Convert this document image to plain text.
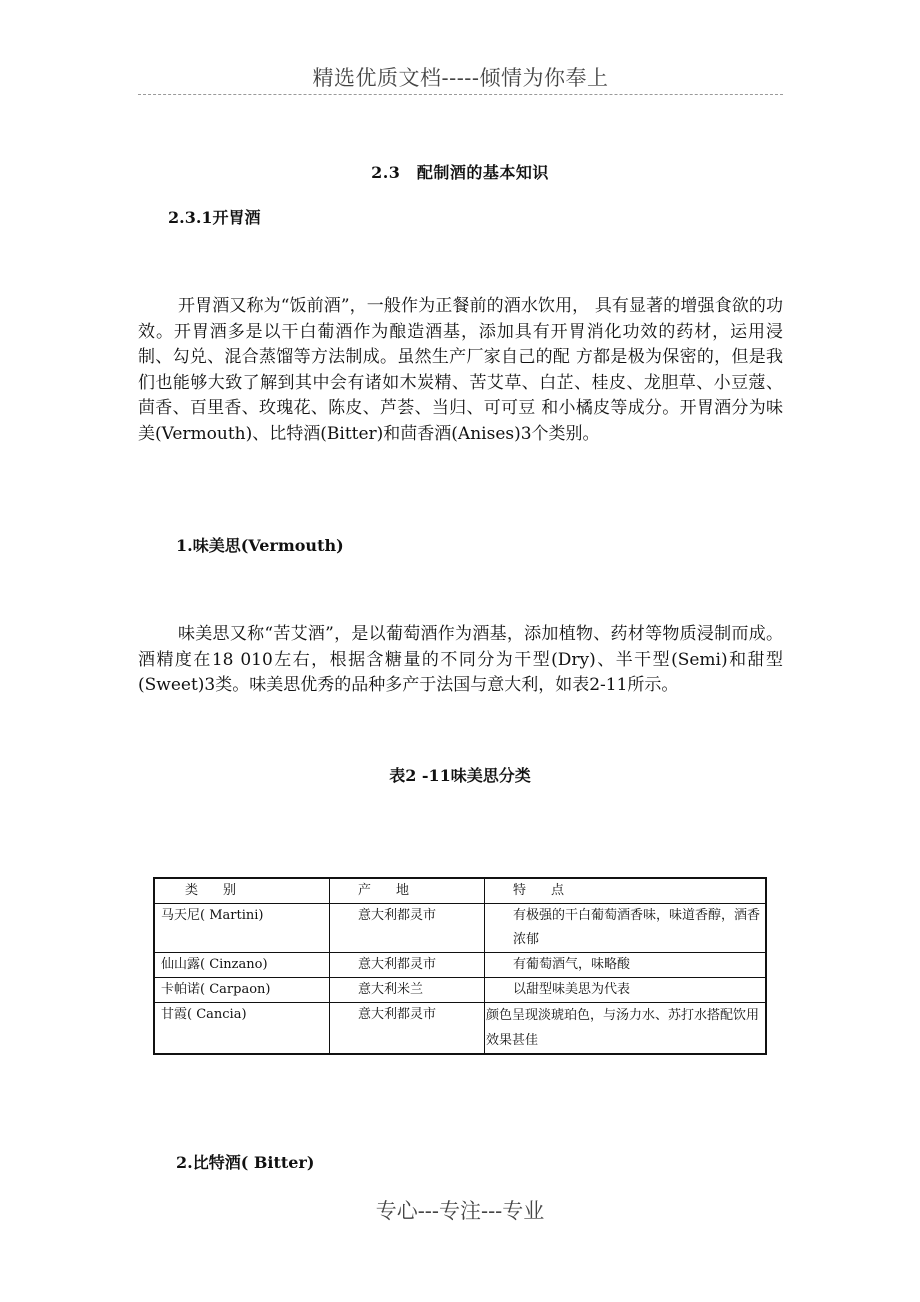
精选优质文档-----倾情为你奉上
2.3　配制酒的基本知识
2.3.1开胃酒
开胃酒又称为“饭前酒”，一般作为正餐前的酒水饮用， 具有显著的增强食欲的功效。开胃酒多是以干白葡酒作为酿造酒基，添加具有开胃消化功效的药材，运用浸制、勾兑、混合蒸馏等方法制成。虽然生产厂家自己的配 方都是极为保密的，但是我们也能够大致了解到其中会有诸如木炭精、苦艾草、白芷、桂皮、龙胆草、小豆蔻、茴香、百里香、玫瑰花、陈皮、芦荟、当归、可可豆 和小橘皮等成分。开胃酒分为味美(Vermouth)、比特酒(Bitter)和茴香酒(Anises)3个类别。
1.味美思(Vermouth)
味美思又称“苦艾酒”，是以葡萄酒作为酒基，添加植物、药材等物质浸制而成。酒精度在18 010左右，根据含糖量的不同分为干型(Dry)、半干型(Semi)和甜型(Sweet)3类。味美思优秀的品种多产于法国与意大利，如表2-11所示。
表2 -11味美思分类
类　别	产　地	特　点
马天尼( Martini)	意大利都灵市	有极强的干白葡萄酒香味，味道香醇，酒香浓郁
仙山露( Cinzano)	意大利都灵市	有葡萄酒气，味略酸
卡帕诺( Carpaon)	意大利米兰	以甜型味美思为代表
甘霞( Cancia)	意大利都灵市	颜色呈现淡琥珀色，与汤力水、苏打水搭配饮用效果甚佳
2.比特酒( Bitter)
专心---专注---专业
